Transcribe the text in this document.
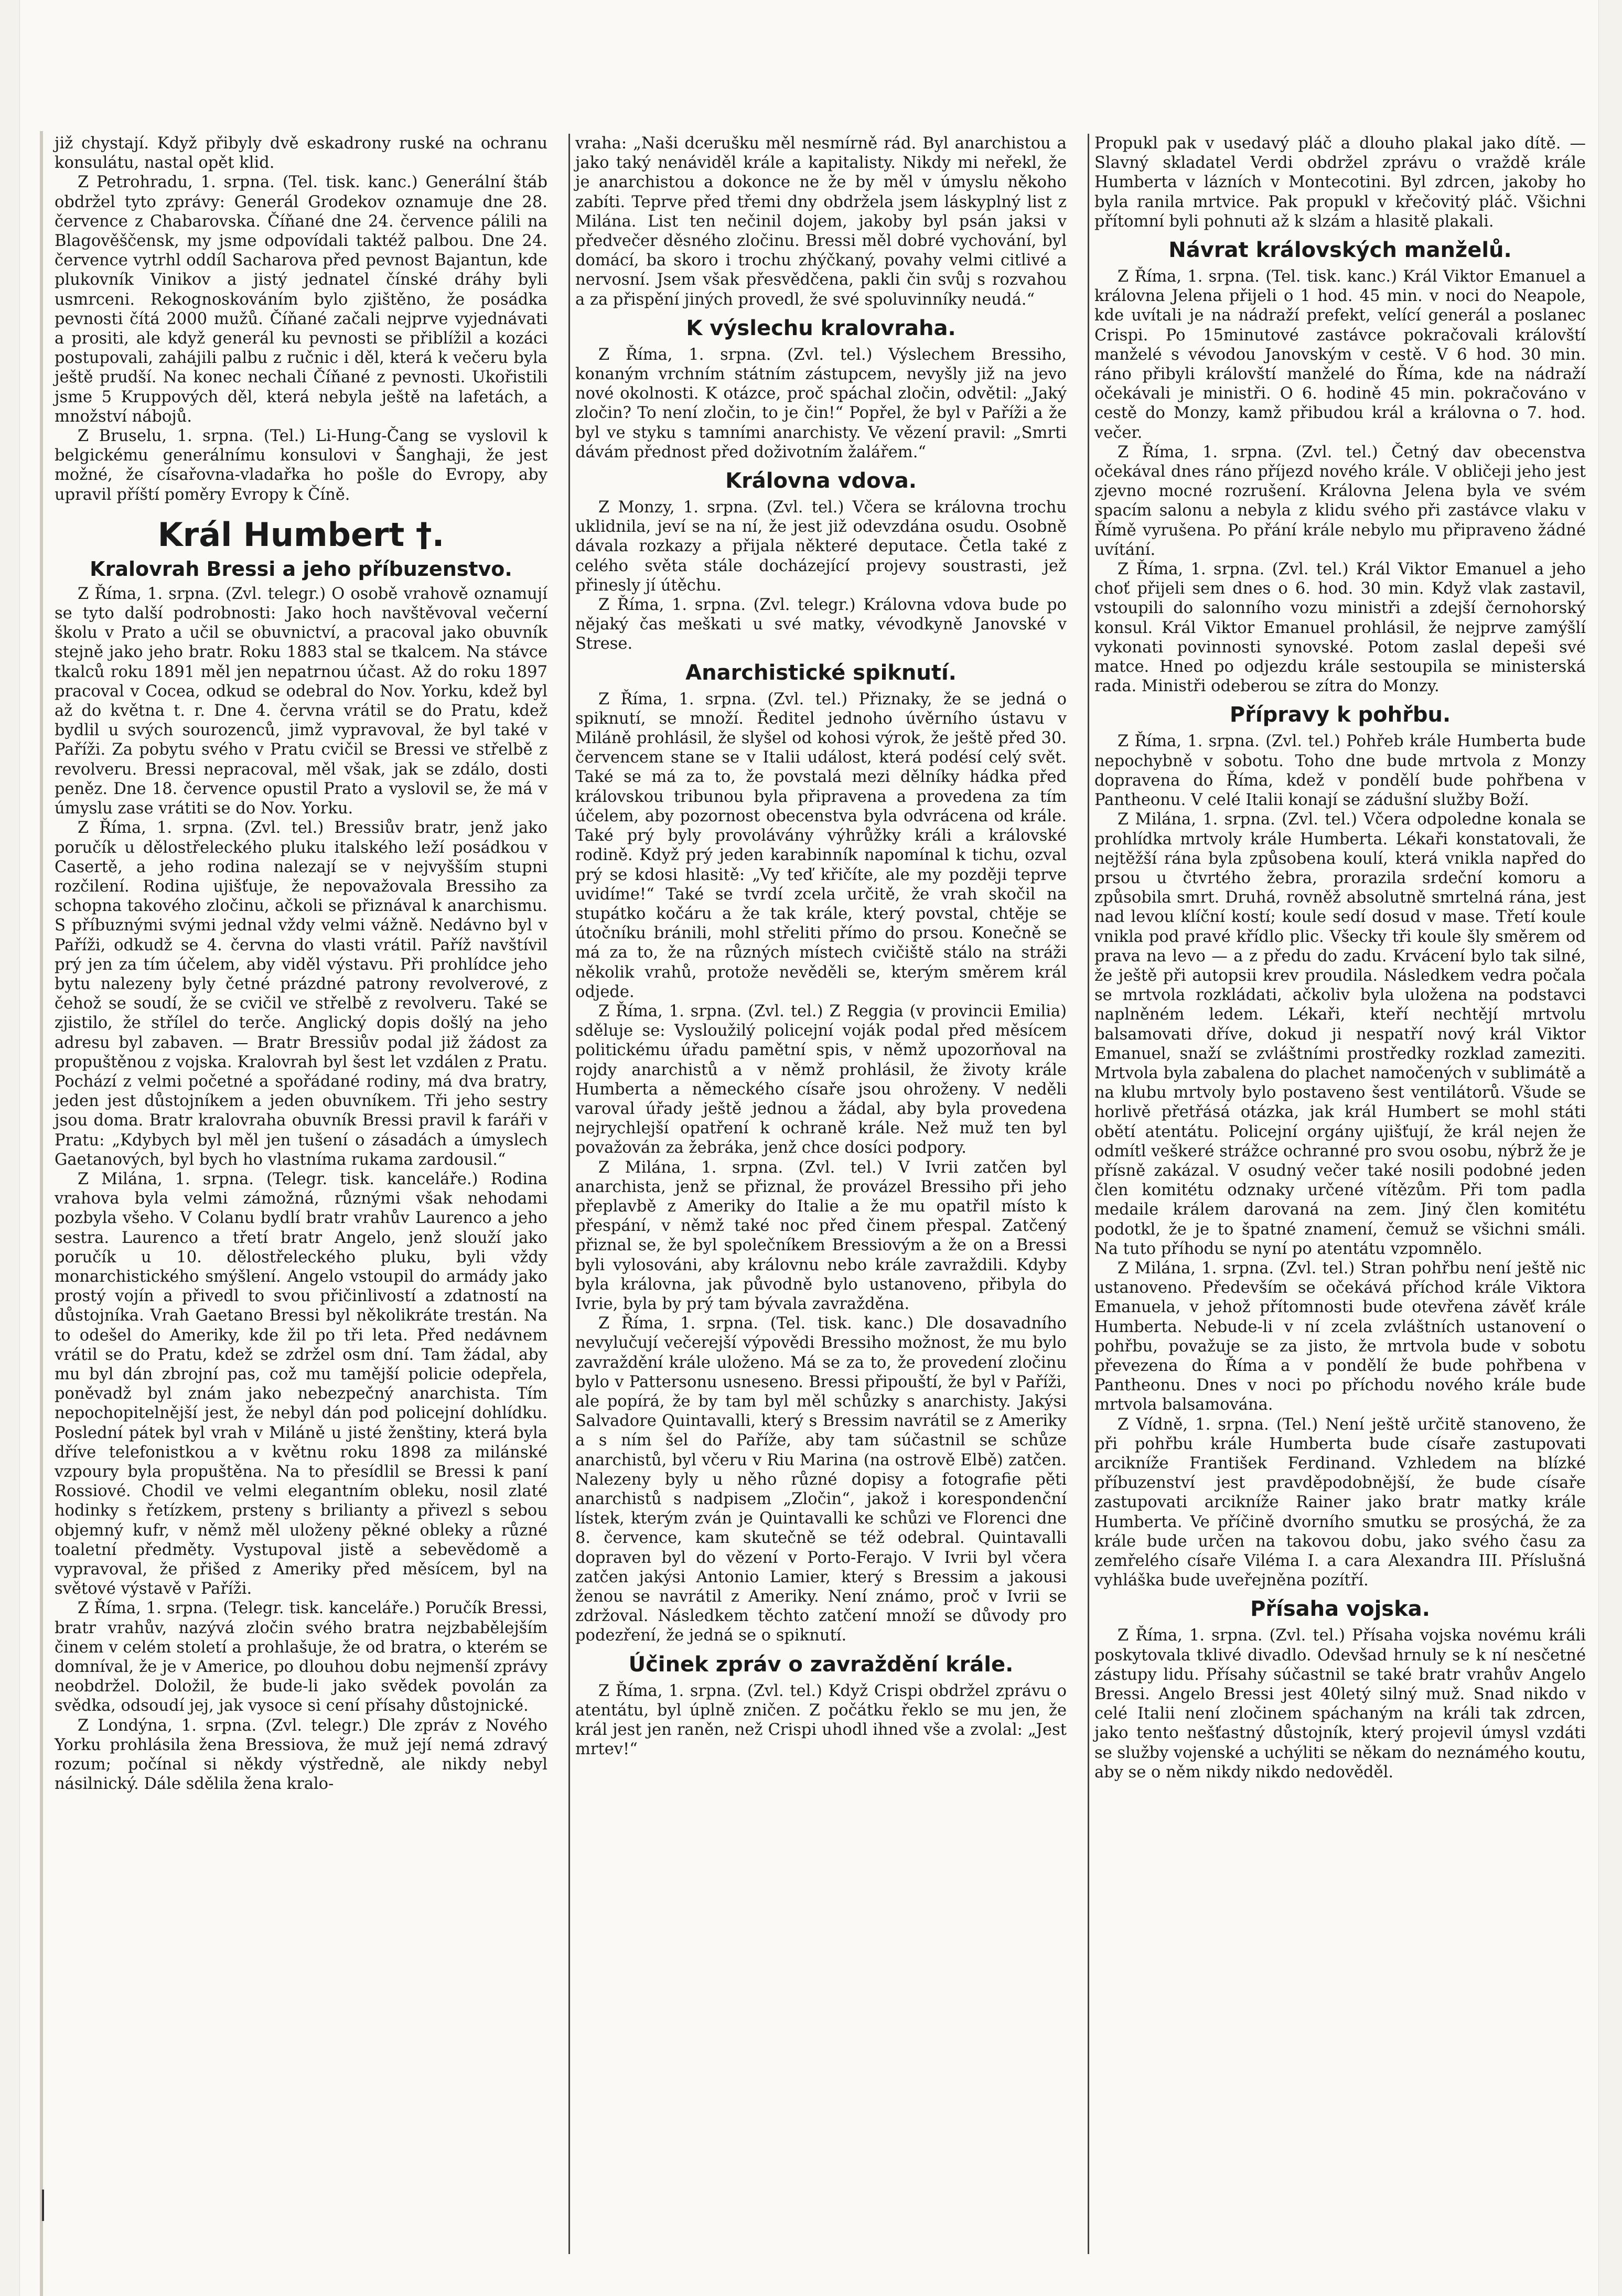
již chystají. Když přibyly dvě eskadrony ruské na ochranu konsulátu, nastal opět klid.

Z Petrohradu, 1. srpna. (Tel. tisk. kanc.) Generální štáb obdržel tyto zprávy: Generál Grodekov oznamuje dne 28. července z Chabarovska. Číňané dne 24. července pálili na Blagověščensk, my jsme odpovídali taktéž palbou. Dne 24. července vytrhl oddíl Sacharova před pevnost Bajantun, kde plukovník Vinikov a jistý jednatel čínské dráhy byli usmrceni. Rekognoskováním bylo zjištěno, že posádka pevnosti čítá 2000 mužů. Číňané začali nejprve vyjednávati a prositi, ale když generál ku pevnosti se přiblížil a kozáci postupovali, zahájili palbu z ručnic i děl, která k večeru byla ještě prudší. Na konec nechali Číňané z pevnosti. Ukořistili jsme 5 Kruppových děl, která nebyla ještě na lafetách, a množství nábojů.

Z Bruselu, 1. srpna. (Tel.) Li-Hung-Čang se vyslovil k belgickému generálnímu konsulovi v Šanghaji, že jest možné, že císařovna-vladařka ho pošle do Evropy, aby upravil příští poměry Evropy k Číně.

Král Humbert †.
Kralovrah Bressi a jeho příbuzenstvo.

Z Říma, 1. srpna. (Zvl. telegr.) O osobě vrahově oznamují se tyto další podrobnosti: Jako hoch navštěvoval večerní školu v Prato a učil se obuvnictví, a pracoval jako obuvník stejně jako jeho bratr. Roku 1883 stal se tkalcem. Na stávce tkalců roku 1891 měl jen nepatrnou účast. Až do roku 1897 pracoval v Cocea, odkud se odebral do Nov. Yorku, kdež byl až do května t. r. Dne 4. června vrátil se do Pratu, kdež bydlil u svých sourozenců, jimž vypravoval, že byl také v Paříži. Za pobytu svého v Pratu cvičil se Bressi ve střelbě z revolveru. Bressi nepracoval, měl však, jak se zdálo, dosti peněz. Dne 18. července opustil Prato a vyslovil se, že má v úmyslu zase vrátiti se do Nov. Yorku.

Z Říma, 1. srpna. (Zvl. tel.) Bressiův bratr, jenž jako poručík u dělostřeleckého pluku italského leží posádkou v Casertě, a jeho rodina nalezají se v nejvyšším stupni rozčilení. Rodina ujišťuje, že nepovažovala Bressiho za schopna takového zločinu, ačkoli se přiznával k anarchismu. S příbuznými svými jednal vždy velmi vážně. Nedávno byl v Paříži, odkudž se 4. června do vlasti vrátil. Paříž navštívil prý jen za tím účelem, aby viděl výstavu. Při prohlídce jeho bytu nalezeny byly četné prázdné patrony revolverové, z čehož se soudí, že se cvičil ve střelbě z revolveru. Také se zjistilo, že střílel do terče. Anglický dopis došlý na jeho adresu byl zabaven. — Bratr Bressiův podal již žádost za propuštěnou z vojska. Kralovrah byl šest let vzdálen z Pratu. Pochází z velmi početné a spořádané rodiny, má dva bratry, jeden jest důstojníkem a jeden obuvníkem. Tři jeho sestry jsou doma. Bratr kralovraha obuvník Bressi pravil k faráři v Pratu: „Kdybych byl měl jen tušení o zásadách a úmyslech Gaetanových, byl bych ho vlastníma rukama zardousil.“

Z Milána, 1. srpna. (Telegr. tisk. kanceláře.) Rodina vrahova byla velmi zámožná, různými však nehodami pozbyla všeho. V Colanu bydlí bratr vrahův Laurenco a jeho sestra. Laurenco a třetí bratr Angelo, jenž slouží jako poručík u 10. dělostřeleckého pluku, byli vždy monarchistického smýšlení. Angelo vstoupil do armády jako prostý vojín a přivedl to svou přičinlivostí a zdatností na důstojníka. Vrah Gaetano Bressi byl několikráte trestán. Na to odešel do Ameriky, kde žil po tři leta. Před nedávnem vrátil se do Pratu, kdež se zdržel osm dní. Tam žádal, aby mu byl dán zbrojní pas, což mu tamější policie odepřela, poněvadž byl znám jako nebezpečný anarchista. Tím nepochopitelnější jest, že nebyl dán pod policejní dohlídku. Poslední pátek byl vrah v Miláně u jisté ženštiny, která byla dříve telefonistkou a v květnu roku 1898 za milánské vzpoury byla propuštěna. Na to přesídlil se Bressi k paní Rossiové. Chodil ve velmi elegantním obleku, nosil zlaté hodinky s řetízkem, prsteny s brilianty a přivezl s sebou objemný kufr, v němž měl uloženy pěkné obleky a různé toaletní předměty. Vystupoval jistě a sebevědomě a vypravoval, že přišed z Ameriky před měsícem, byl na světové výstavě v Paříži.

Z Říma, 1. srpna. (Telegr. tisk. kanceláře.) Poručík Bressi, bratr vrahův, nazývá zločin svého bratra nejzbabělejším činem v celém století a prohlašuje, že od bratra, o kterém se domníval, že je v Americe, po dlouhou dobu nejmenší zprávy neobdržel. Doložil, že bude-li jako svědek povolán za svědka, odsoudí jej, jak vysoce si cení přísahy důstojnické.

Z Londýna, 1. srpna. (Zvl. telegr.) Dle zpráv z Nového Yorku prohlásila žena Bressiova, že muž její nemá zdravý rozum; počínal si někdy výstředně, ale nikdy nebyl násilnický. Dále sdělila žena kralo-

vraha: „Naši dcerušku měl nesmírně rád. Byl anarchistou a jako taký nenáviděl krále a kapitalisty. Nikdy mi neřekl, že je anarchistou a dokonce ne že by měl v úmyslu někoho zabíti. Teprve před třemi dny obdržela jsem láskyplný list z Milána. List ten nečinil dojem, jakoby byl psán jaksi v předvečer děsného zločinu. Bressi měl dobré vychování, byl domácí, ba skoro i trochu zhýčkaný, povahy velmi citlivé a nervosní. Jsem však přesvědčena, pakli čin svůj s rozvahou a za přispění jiných provedl, že své spoluvinníky neudá.“

K výslechu kralovraha.

Z Říma, 1. srpna. (Zvl. tel.) Výslechem Bressiho, konaným vrchním státním zástupcem, nevyšly již na jevo nové okolnosti. K otázce, proč spáchal zločin, odvětil: „Jaký zločin? To není zločin, to je čin!“ Popřel, že byl v Paříži a že byl ve styku s tamními anarchisty. Ve vězení pravil: „Smrti dávám přednost před doživotním žalářem.“

Královna vdova.

Z Monzy, 1. srpna. (Zvl. tel.) Včera se královna trochu uklidnila, jeví se na ní, že jest již odevzdána osudu. Osobně dávala rozkazy a přijala některé deputace. Četla také z celého světa stále docházející projevy soustrasti, jež přinesly jí útěchu.

Z Říma, 1. srpna. (Zvl. telegr.) Královna vdova bude po nějaký čas meškati u své matky, vévodkyně Janovské v Strese.

Anarchistické spiknutí.

Z Říma, 1. srpna. (Zvl. tel.) Přiznaky, že se jedná o spiknutí, se množí. Ředitel jednoho úvěrního ústavu v Miláně prohlásil, že slyšel od kohosi výrok, že ještě před 30. červencem stane se v Italii událost, která podésí celý svět. Také se má za to, že povstalá mezi dělníky hádka před královskou tribunou byla připravena a provedena za tím účelem, aby pozornost obecenstva byla odvrácena od krále. Také prý byly provolávány výhrůžky králi a královské rodině. Když prý jeden karabinník napomínal k tichu, ozval prý se kdosi hlasitě: „Vy teď křičíte, ale my později teprve uvidíme!“ Také se tvrdí zcela určitě, že vrah skočil na stupátko kočáru a že tak krále, který povstal, chtěje se útočníku bránili, mohl střeliti přímo do prsou. Konečně se má za to, že na různých místech cvičiště stálo na stráži několik vrahů, protože nevěděli se, kterým směrem král odjede.

Z Říma, 1. srpna. (Zvl. tel.) Z Reggia (v provincii Emilia) sděluje se: Vysloužilý policejní voják podal před měsícem politickému úřadu pamětní spis, v němž upozorňoval na rojdy anarchistů a v němž prohlásil, že životy krále Humberta a německého císaře jsou ohroženy. V neděli varoval úřady ještě jednou a žádal, aby byla provedena nejrychlejší opatření k ochraně krále. Než muž ten byl považován za žebráka, jenž chce dosíci podpory.

Z Milána, 1. srpna. (Zvl. tel.) V Ivrii zatčen byl anarchista, jenž se přiznal, že provázel Bressiho při jeho přeplavbě z Ameriky do Italie a že mu opatřil místo k přespání, v němž také noc před činem přespal. Zatčený přiznal se, že byl společníkem Bressiovým a že on a Bressi byli vylosováni, aby královnu nebo krále zavraždili. Kdyby byla královna, jak původně bylo ustanoveno, přibyla do Ivrie, byla by prý tam bývala zavražděna.

Z Říma, 1. srpna. (Tel. tisk. kanc.) Dle dosavadního nevylučují večerejší výpovědi Bressiho možnost, že mu bylo zavraždění krále uloženo. Má se za to, že provedení zločinu bylo v Pattersonu usneseno. Bressi připouští, že byl v Paříži, ale popírá, že by tam byl měl schůzky s anarchisty. Jakýsi Salvadore Quintavalli, který s Bressim navrátil se z Ameriky a s ním šel do Paříže, aby tam súčastnil se schůze anarchistů, byl včeru v Riu Marina (na ostrově Elbě) zatčen. Nalezeny byly u něho různé dopisy a fotografie pěti anarchistů s nadpisem „Zločin“, jakož i korespondenční lístek, kterým zván je Quintavalli ke schůzi ve Florenci dne 8. července, kam skutečně se též odebral. Quintavalli dopraven byl do vězení v Porto-Ferajo. V Ivrii byl včera zatčen jakýsi Antonio Lamier, který s Bressim a jakousi ženou se navrátil z Ameriky. Není známo, proč v Ivrii se zdržoval. Následkem těchto zatčení množí se důvody pro podezření, že jedná se o spiknutí.

Účinek zpráv o zavraždění krále.

Z Říma, 1. srpna. (Zvl. tel.) Když Crispi obdržel zprávu o atentátu, byl úplně zničen. Z počátku řeklo se mu jen, že král jest jen raněn, než Crispi uhodl ihned vše a zvolal: „Jest mrtev!“

Propukl pak v usedavý pláč a dlouho plakal jako dítě. — Slavný skladatel Verdi obdržel zprávu o vraždě krále Humberta v lázních v Montecotini. Byl zdrcen, jakoby ho byla ranila mrtvice. Pak propukl v křečovitý pláč. Všichni přítomní byli pohnuti až k slzám a hlasitě plakali.

Návrat královských manželů.

Z Říma, 1. srpna. (Tel. tisk. kanc.) Král Viktor Emanuel a královna Jelena přijeli o 1 hod. 45 min. v noci do Neapole, kde uvítali je na nádraží prefekt, velící generál a poslanec Crispi. Po 15minutové zastávce pokračovali královští manželé s vévodou Janovským v cestě. V 6 hod. 30 min. ráno přibyli královští manželé do Říma, kde na nádraží očekávali je ministři. O 6. hodině 45 min. pokračováno v cestě do Monzy, kamž přibudou král a královna o 7. hod. večer.

Z Říma, 1. srpna. (Zvl. tel.) Četný dav obecenstva očekával dnes ráno příjezd nového krále. V obličeji jeho jest zjevno mocné rozrušení. Královna Jelena byla ve svém spacím salonu a nebyla z klidu svého při zastávce vlaku v Římě vyrušena. Po přání krále nebylo mu připraveno žádné uvítání.

Z Říma, 1. srpna. (Zvl. tel.) Král Viktor Emanuel a jeho choť přijeli sem dnes o 6. hod. 30 min. Když vlak zastavil, vstoupili do salonního vozu ministři a zdejší černohorský konsul. Král Viktor Emanuel prohlásil, že nejprve zamýšlí vykonati povinnosti synovské. Potom zaslal depeši své matce. Hned po odjezdu krále sestoupila se ministerská rada. Ministři odeberou se zítra do Monzy.

Přípravy k pohřbu.

Z Říma, 1. srpna. (Zvl. tel.) Pohřeb krále Humberta bude nepochybně v sobotu. Toho dne bude mrtvola z Monzy dopravena do Říma, kdež v pondělí bude pohřbena v Pantheonu. V celé Italii konají se zádušní služby Boží.

Z Milána, 1. srpna. (Zvl. tel.) Včera odpoledne konala se prohlídka mrtvoly krále Humberta. Lékaři konstatovali, že nejtěžší rána byla způsobena koulí, která vnikla napřed do prsou u čtvrtého žebra, prorazila srdeční komoru a způsobila smrt. Druhá, rovněž absolutně smrtelná rána, jest nad levou klíční kostí; koule sedí dosud v mase. Třetí koule vnikla pod pravé křídlo plic. Všecky tři koule šly směrem od prava na levo — a z předu do zadu. Krvácení bylo tak silné, že ještě při autopsii krev proudila. Následkem vedra počala se mrtvola rozkládati, ačkoliv byla uložena na podstavci naplněném ledem. Lékaři, kteří nechtějí mrtvolu balsamovati dříve, dokud ji nespatří nový král Viktor Emanuel, snaží se zvláštními prostředky rozklad zameziti. Mrtvola byla zabalena do plachet namočených v sublimátě a na klubu mrtvoly bylo postaveno šest ventilátorů. Všude se horlivě přetřásá otázka, jak král Humbert se mohl státi obětí atentátu. Policejní orgány ujišťují, že král nejen že odmítl veškeré strážce ochranné pro svou osobu, nýbrž že je přísně zakázal. V osudný večer také nosili podobné jeden člen komitétu odznaky určené vítězům. Při tom padla medaile králem darovaná na zem. Jiný člen komitétu podotkl, že je to špatné znamení, čemuž se všichni smáli. Na tuto příhodu se nyní po atentátu vzpomnělo.

Z Milána, 1. srpna. (Zvl. tel.) Stran pohřbu není ještě nic ustanoveno. Především se očekává příchod krále Viktora Emanuela, v jehož přítomnosti bude otevřena závěť krále Humberta. Nebude-li v ní zcela zvláštních ustanovení o pohřbu, považuje se za jisto, že mrtvola bude v sobotu převezena do Říma a v pondělí že bude pohřbena v Pantheonu. Dnes v noci po příchodu nového krále bude mrtvola balsamována.

Z Vídně, 1. srpna. (Tel.) Není ještě určitě stanoveno, že při pohřbu krále Humberta bude císaře zastupovati arcikníže František Ferdinand. Vzhledem na blízké příbuzenství jest pravděpodobnější, že bude císaře zastupovati arcikníže Rainer jako bratr matky krále Humberta. Ve příčině dvorního smutku se prosýchá, že za krále bude určen na takovou dobu, jako svého času za zemřelého císaře Viléma I. a cara Alexandra III. Příslušná vyhláška bude uveřejněna pozítří.

Přísaha vojska.

Z Říma, 1. srpna. (Zvl. tel.) Přísaha vojska novému králi poskytovala tklivé divadlo. Odevšad hrnuly se k ní nesčetné zástupy lidu. Přísahy súčastnil se také bratr vrahův Angelo Bressi. Angelo Bressi jest 40letý silný muž. Snad nikdo v celé Italii není zločinem spáchaným na králi tak zdrcen, jako tento nešťastný důstojník, který projevil úmysl vzdáti se služby vojenské a uchýliti se někam do neznámého koutu, aby se o něm nikdy nikdo nedověděl.
